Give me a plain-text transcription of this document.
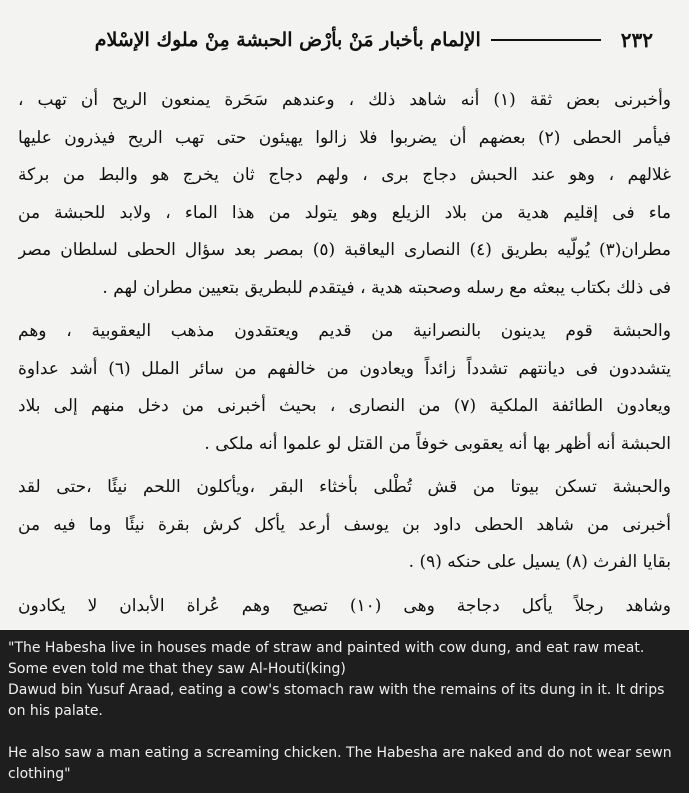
٢٣٢
الإلمام بأخبار مَنْ بأرْض الحبشة مِنْ ملوك الإسْلام
وأخبرنى بعض ثقة (١) أنه شاهد ذلك ، وعندهم سَحَرة يمنعون الريح أن تهب ،
فيأمر الحطى (٢) بعضهم أن يضربوا فلا زالوا يهيئون حتى تهب الريح فيذرون عليها
غلالهم ، وهو عند الحبش دجاج برى ، ولهم دجاج ثان يخرج هو والبط من بركة
ماء فى إقليم هدية من بلاد الزيلع وهو يتولد من هذا الماء ، ولابد للحبشة من
مطران(٣) يُولّيه بطريق (٤) النصارى اليعاقبة (٥) بمصر بعد سؤال الحطى لسلطان مصر
فى ذلك بكتاب يبعثه مع رسله وصحبته هدية ، فيتقدم للبطريق بتعيين مطران لهم .
والحبشة قوم يدينون بالنصرانية من قديم ويعتقدون مذهب اليعقوبية ، وهم
يتشددون فى ديانتهم تشدداً زائداً ويعادون من خالفهم من سائر الملل (٦) أشد عداوة
ويعادون الطائفة الملكية (٧) من النصارى ، بحيث أخبرنى من دخل منهم إلى بلاد
الحبشة أنه أظهر بها أنه يعقوبى خوفاً من القتل لو علموا أنه ملكى .
والحبشة تسكن بيوتا من قش تُطْلى بأخثاء البقر ،ويأكلون اللحم نيئًا ،حتى لقد
أخبرنى من شاهد الحطى داود بن يوسف أرعد يأكل كرش بقرة نيئًا وما فيه من
بقايا الفرث (٨) يسيل على حنكه (٩) .
وشاهد رجلاً يأكل دجاجة وهى (١٠) تصيح وهم عُراة الأبدان لا يكادون
"The Habesha live in houses made of straw and painted with cow dung, and eat raw meat. Some even told me that they saw Al-Houti(king)
Dawud bin Yusuf Araad, eating a cow's stomach raw with the remains of its dung in it. It drips on his palate.
He also saw a man eating a screaming chicken. The Habesha are naked and do not wear sewn clothing"
